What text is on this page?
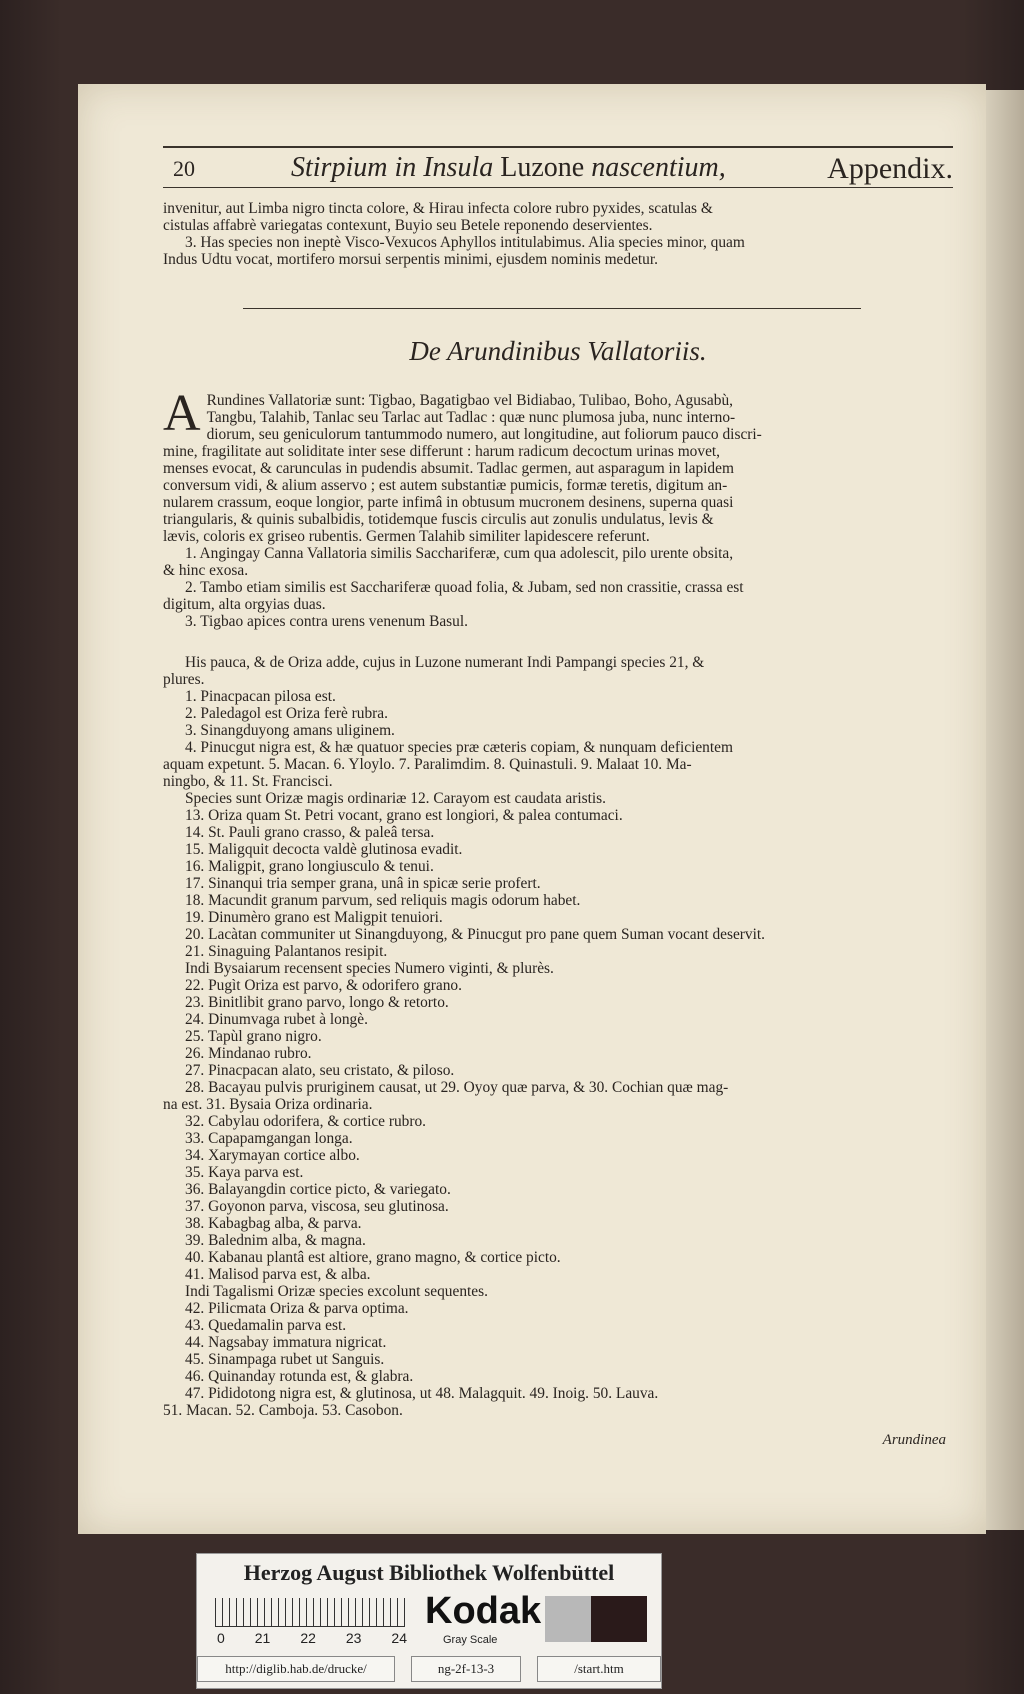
20	Stirpium in Insula Luzone nascentium,	Appendix.

invenitur, aut Limba nigro tincta colore, & Hirau infecta colore rubro pyxides, scatulas &

cistulas affabrè variegatas contexunt, Buyio seu Betele reponendo deservientes.

3. Has species non ineptè Visco-Vexucos Aphyllos intitulabimus. Alia species minor, quam

Indus Udtu vocat, mortifero morsui serpentis minimi, ejusdem nominis medetur.

De Arundinibus Vallatoriis.
A Rundines Vallatoriæ sunt: Tigbao, Bagatigbao vel Bidiabao, Tulibao, Boho, Agusabù,

Tangbu, Talahib, Tanlac seu Tarlac aut Tadlac : quæ nunc plumosa juba, nunc interno-

diorum, seu geniculorum tantummodo numero, aut longitudine, aut foliorum pauco discri-

mine, fragilitate aut soliditate inter sese differunt : harum radicum decoctum urinas movet,

menses evocat, & carunculas in pudendis absumit. Tadlac germen, aut asparagum in lapidem

conversum vidi, & alium asservo ; est autem substantiæ pumicis, formæ teretis, digitum an-

nularem crassum, eoque longior, parte infimâ in obtusum mucronem desinens, superna quasi

triangularis, & quinis subalbidis, totidemque fuscis circulis aut zonulis undulatus, levis &

lævis, coloris ex griseo rubentis. Germen Talahib similiter lapidescere referunt.

1. Angingay Canna Vallatoria similis Sacchariferæ, cum qua adolescit, pilo urente obsita,

& hinc exosa.

2. Tambo etiam similis est Sacchariferæ quoad folia, & Jubam, sed non crassitie, crassa est

digitum, alta orgyias duas.

3. Tigbao apices contra urens venenum Basul.

His pauca, & de Oriza adde, cujus in Luzone numerant Indi Pampangi species 21, &

plures.

1. Pinacpacan pilosa est.

2. Paledagol est Oriza ferè rubra.

3. Sinangduyong amans uliginem.

4. Pinucgut nigra est, & hæ quatuor species præ cæteris copiam, & nunquam deficientem

aquam expetunt. 5. Macan. 6. Yloylo. 7. Paralimdim. 8. Quinastuli. 9. Malaat 10. Ma-

ningbo, & 11. St. Francisci.

Species sunt Orizæ magis ordinariæ 12. Carayom est caudata aristis.

13. Oriza quam St. Petri vocant, grano est longiori, & palea contumaci.

14. St. Pauli grano crasso, & paleâ tersa.

15. Maligquit decocta valdè glutinosa evadit.

16. Maligpit, grano longiusculo & tenui.

17. Sinanqui tria semper grana, unâ in spicæ serie profert.

18. Macundit granum parvum, sed reliquis magis odorum habet.

19. Dinumèro grano est Maligpit tenuiori.

20. Lacàtan communiter ut Sinangduyong, & Pinucgut pro pane quem Suman vocant deservit.

21. Sinaguing Palantanos resipit.

Indi Bysaiarum recensent species Numero viginti, & plurès.

22. Pugìt Oriza est parvo, & odorifero grano.

23. Binitlibit grano parvo, longo & retorto.

24. Dinumvaga rubet à longè.

25. Tapùl grano nigro.

26. Mindanao rubro.

27. Pinacpacan alato, seu cristato, & piloso.

28. Bacayau pulvis pruriginem causat, ut 29. Oyoy quæ parva, & 30. Cochian quæ mag-

na est. 31. Bysaia Oriza ordinaria.

32. Cabylau odorifera, & cortice rubro.

33. Capapamgangan longa.

34. Xarymayan cortice albo.

35. Kaya parva est.

36. Balayangdin cortice picto, & variegato.

37. Goyonon parva, viscosa, seu glutinosa.

38. Kabagbag alba, & parva.

39. Balednim alba, & magna.

40. Kabanau plantâ est altiore, grano magno, & cortice picto.

41. Malisod parva est, & alba.

Indi Tagalismi Orizæ species excolunt sequentes.

42. Pilicmata Oriza & parva optima.

43. Quedamalin parva est.

44. Nagsabay immatura nigricat.

45. Sinampaga rubet ut Sanguis.

46. Quinanday rotunda est, & glabra.

47. Pididotong nigra est, & glutinosa, ut 48. Malagquit. 49. Inoig. 50. Lauva.

51. Macan. 52. Camboja. 53. Casobon.

Arundinea
Herzog August Bibliothek Wolfenbüttel
0 21 22 23 24
Kodak
Gray Scale
http://diglib.hab.de/drucke/	ng-2f-13-3	/start.htm
